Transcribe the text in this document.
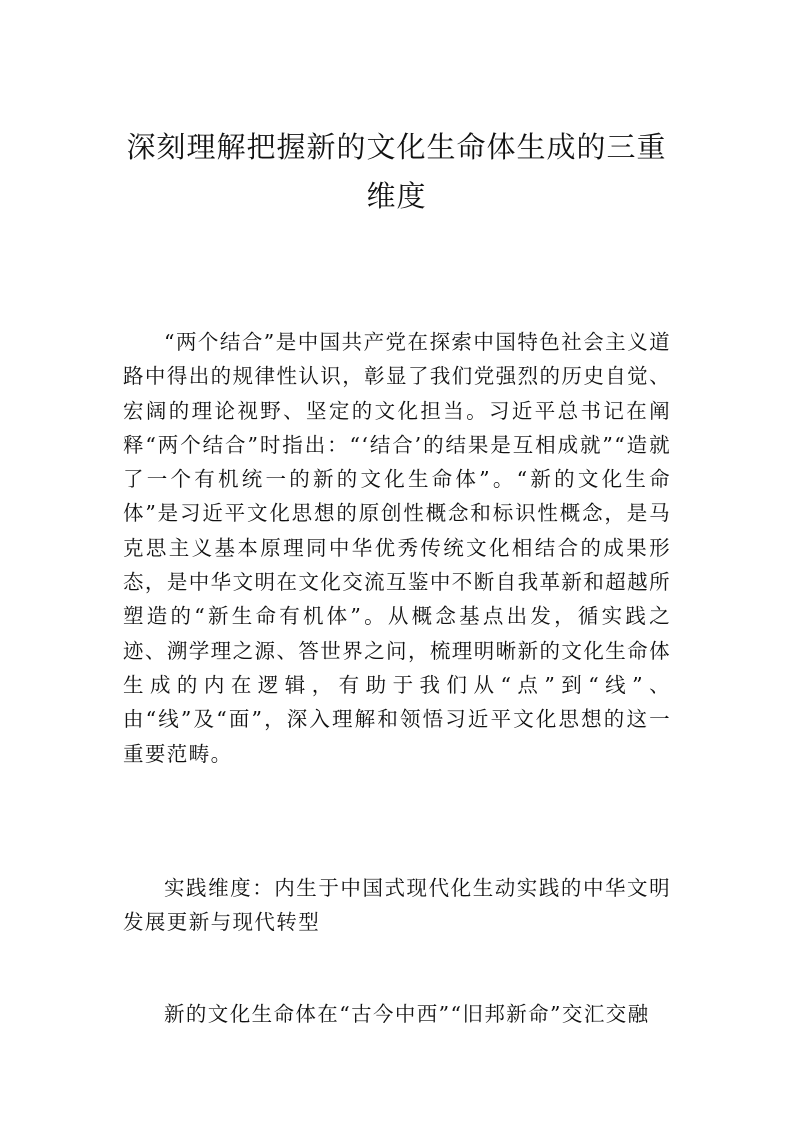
深刻理解把握新的文化生命体生成的三重
维度

“两个结合”是中国共产党在探索中国特色社会主义道路中得出的规律性认识，彰显了我们党强烈的历史自觉、宏阔的理论视野、坚定的文化担当。习近平总书记在阐释“两个结合”时指出：“‘结合’的结果是互相成就”“造就了一个有机统一的新的文化生命体”。“新的文化生命体”是习近平文化思想的原创性概念和标识性概念，是马克思主义基本原理同中华优秀传统文化相结合的成果形态，是中华文明在文化交流互鉴中不断自我革新和超越所塑造的“新生命有机体”。从概念基点出发，循实践之迹、溯学理之源、答世界之问，梳理明晰新的文化生命体生成的内在逻辑，有助于我们从“点”到“线”、由“线”及“面”，深入理解和领悟习近平文化思想的这一重要范畴。

实践维度：内生于中国式现代化生动实践的中华文明发展更新与现代转型

新的文化生命体在“古今中西”“旧邦新命”交汇交融
